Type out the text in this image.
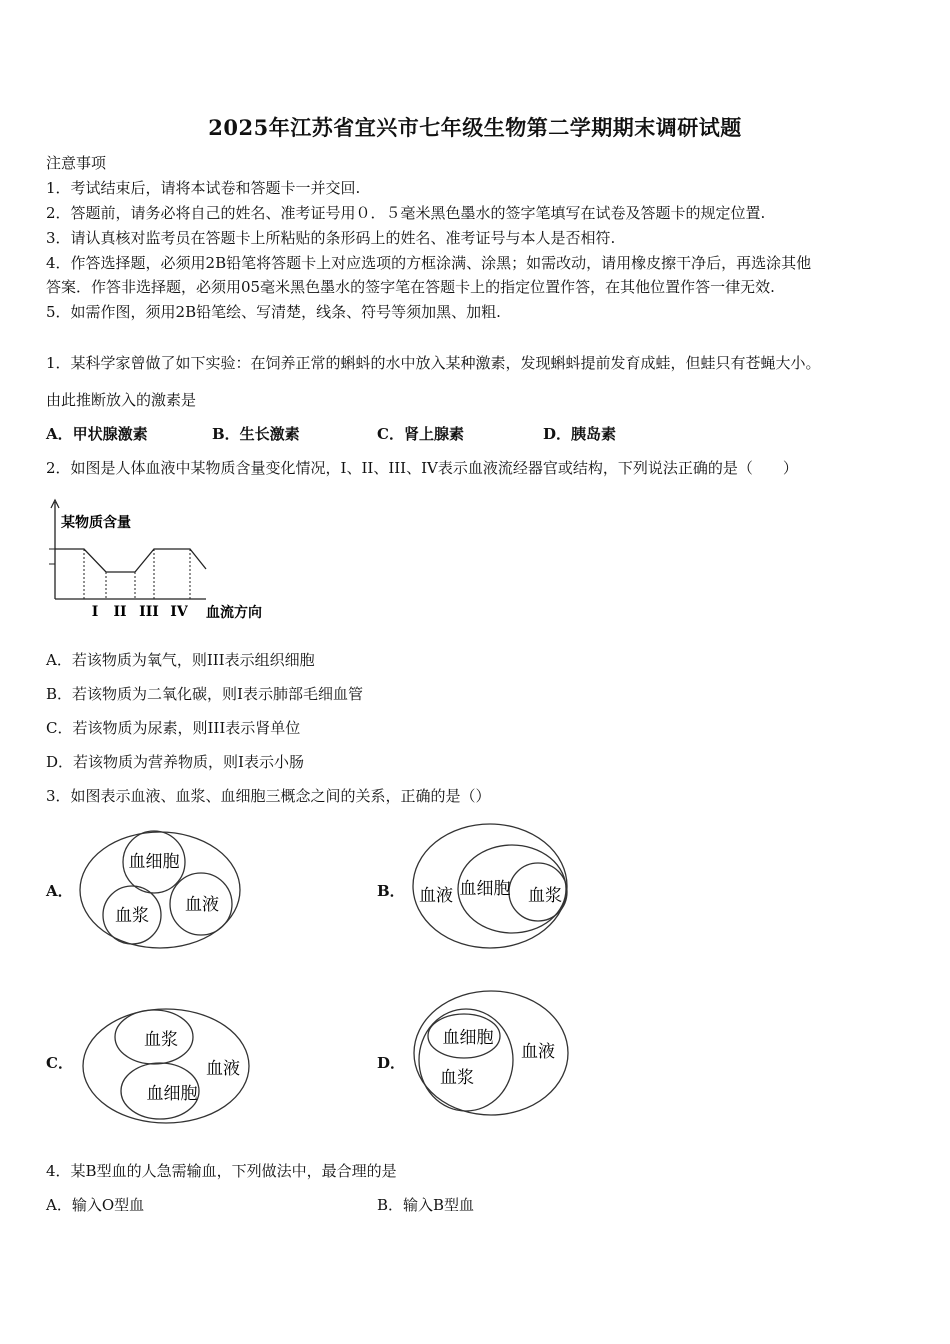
2025年江苏省宜兴市七年级生物第二学期期末调研试题
注意事项
1．考试结束后，请将本试卷和答题卡一并交回.
2．答题前，请务必将自己的姓名、准考证号用０．５毫米黑色墨水的签字笔填写在试卷及答题卡的规定位置.
3．请认真核对监考员在答题卡上所粘贴的条形码上的姓名、准考证号与本人是否相符.
4．作答选择题，必须用2B铅笔将答题卡上对应选项的方框涂满、涂黑；如需改动，请用橡皮擦干净后，再选涂其他
答案．作答非选择题，必须用05毫米黑色墨水的签字笔在答题卡上的指定位置作答，在其他位置作答一律无效.
5．如需作图，须用2B铅笔绘、写清楚，线条、符号等须加黑、加粗.
1．某科学家曾做了如下实验：在饲养正常的蝌蚪的水中放入某种激素，发现蝌蚪提前发育成蛙，但蛙只有苍蝇大小。
由此推断放入的激素是
A．甲状腺激素	B．生长激素	C．肾上腺素	D．胰岛素
2．如图是人体血液中某物质含量变化情况，I、II、III、IV表示血液流经器官或结构，下列说法正确的是（　　）
某物质含量
I II III IV 血流方向
A．若该物质为氧气，则III表示组织细胞
B．若该物质为二氧化碳，则I表示肺部毛细血管
C．若该物质为尿素，则III表示肾单位
D．若该物质为营养物质，则I表示小肠
3．如图表示血液、血浆、血细胞三概念之间的关系，正确的是（）
A．
血细胞
血浆
血液
B． 血液 血细胞 血浆
C．
血浆
血液
血细胞
D．
血细胞
血液
血浆
4．某B型血的人急需输血，下列做法中，最合理的是
A．输入O型血	B．输入B型血
